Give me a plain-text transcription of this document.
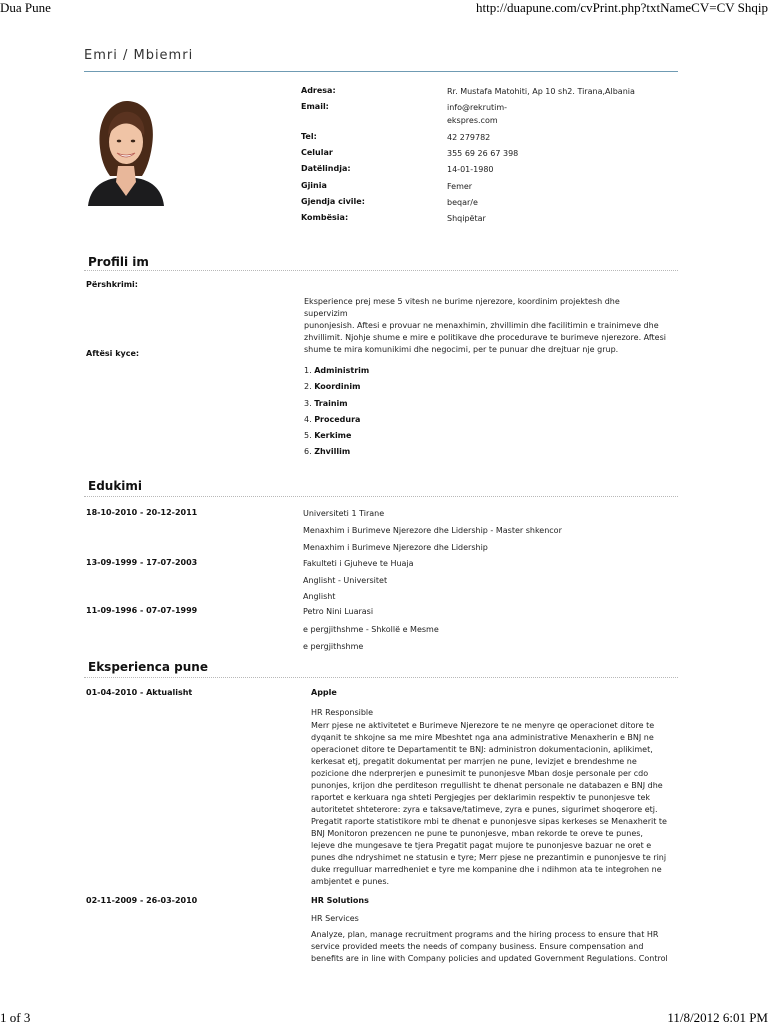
Dua Pune	http://duapune.com/cvPrint.php?txtNameCV=CV Shqip
1 of 3	11/8/2012 6:01 PM
Emri / Mbiemri
Adresa:	Rr. Mustafa Matohiti, Ap 10 sh2. Tirana,Albania
Email:	info@rekrutim-
ekspres.com
Tel:	42 279782
Celular	355 69 26 67 398
Datëlindja:	14-01-1980
Gjinia	Femer
Gjendja civile:	beqar/e
Kombësia:	Shqipëtar
Profili im
Përshkrimi:
Eksperience prej mese 5 vitesh ne burime njerezore, koordinim projektesh dhe supervizim
punonjesish. Aftesi e provuar ne menaxhimin, zhvillimin dhe facilitimin e trainimeve dhe
zhvillimit. Njohje shume e mire e politikave dhe procedurave te burimeve njerezore. Aftesi
shume te mira komunikimi dhe negocimi, per te punuar dhe drejtuar nje grup.
Aftësi kyce:
1. Administrim
2. Koordinim
3. Trainim
4. Procedura
5. Kerkime
6. Zhvillim
Edukimi
18-10-2010 - 20-12-2011	Universiteti 1 Tirane
Menaxhim i Burimeve Njerezore dhe Lidership - Master shkencor
Menaxhim i Burimeve Njerezore dhe Lidership
13-09-1999 - 17-07-2003	Fakulteti i Gjuheve te Huaja
Anglisht - Universitet
Anglisht
11-09-1996 - 07-07-1999	Petro Nini Luarasi
e pergjithshme - Shkollë e Mesme
e pergjithshme
Eksperienca pune
01-04-2010 - Aktualisht	Apple
HR Responsible
Merr pjese ne aktivitetet e Burimeve Njerezore te ne menyre qe operacionet ditore te
dyqanit te shkojne sa me mire Mbeshtet nga ana administrative Menaxherin e BNJ ne
operacionet ditore te Departamentit te BNJ: administron dokumentacionin, aplikimet,
kerkesat etj, pregatit dokumentat per marrjen ne pune, levizjet e brendeshme ne
pozicione dhe nderprerjen e punesimit te punonjesve Mban dosje personale per cdo
punonjes, krijon dhe perditeson rregullisht te dhenat personale ne databazen e BNJ dhe
raportet e kerkuara nga shteti Pergjegjes per deklarimin respektiv te punonjesve tek
autoritetet shteterore: zyra e taksave/tatimeve, zyra e punes, sigurimet shoqerore etj.
Pregatit raporte statistikore mbi te dhenat e punonjesve sipas kerkeses se Menaxherit te
BNJ Monitoron prezencen ne pune te punonjesve, mban rekorde te oreve te punes,
lejeve dhe mungesave te tjera Pregatit pagat mujore te punonjesve bazuar ne oret e
punes dhe ndryshimet ne statusin e tyre; Merr pjese ne prezantimin e punonjesve te rinj
duke rregulluar marredheniet e tyre me kompanine dhe i ndihmon ata te integrohen ne
ambjentet e punes.
02-11-2009 - 26-03-2010	HR Solutions
HR Services
Analyze, plan, manage recruitment programs and the hiring process to ensure that HR
service provided meets the needs of company business. Ensure compensation and
benefits are in line with Company policies and updated Government Regulations. Control
